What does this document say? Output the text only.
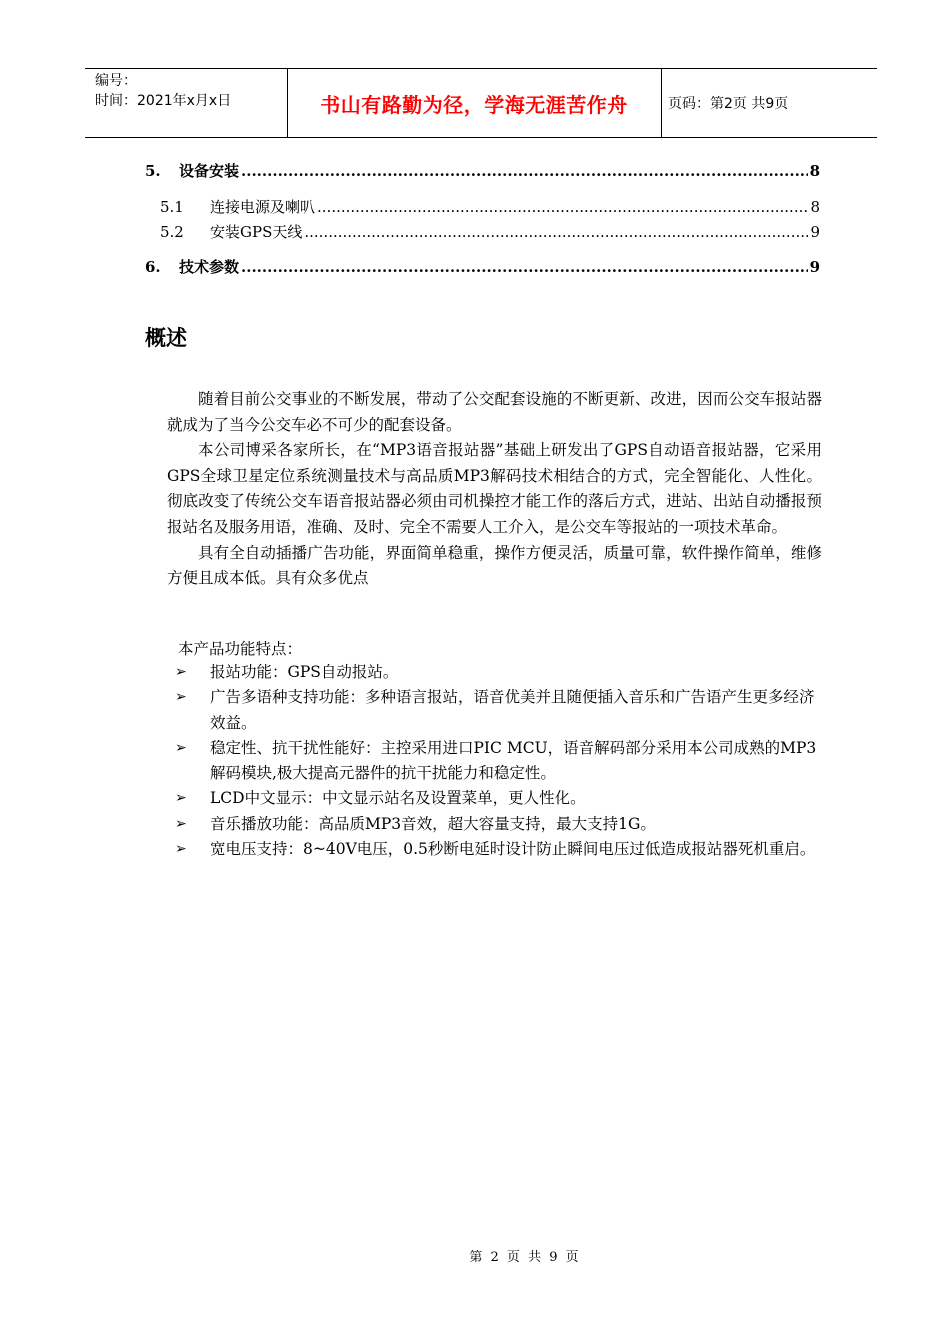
编号：
时间：2021年x月x日	书山有路勤为径，学海无涯苦作舟	页码：第2页 共9页
5.	设备安装 .....	8
5.1	连接电源及喇叭 .....	8
5.2	安装GPS天线 .....	9
6.	技术参数 .....	9
概述

随着目前公交事业的不断发展，带动了公交配套设施的不断更新、改进，因而公交车报站器就成为了当今公交车必不可少的配套设备。

本公司博采各家所长，在“MP3语音报站器”基础上研发出了GPS自动语音报站器，它采用GPS全球卫星定位系统测量技术与高品质MP3解码技术相结合的方式，完全智能化、人性化。彻底改变了传统公交车语音报站器必须由司机操控才能工作的落后方式，进站、出站自动播报预报站名及服务用语，准确、及时、完全不需要人工介入，是公交车等报站的一项技术革命。

具有全自动插播广告功能，界面简单稳重，操作方便灵活，质量可靠，软件操作简单，维修方便且成本低。具有众多优点

本产品功能特点：
➢ 报站功能：GPS自动报站。
➢ 广告多语种支持功能：多种语言报站，语音优美并且随便插入音乐和广告语产生更多经济效益。
➢ 稳定性、抗干扰性能好：主控采用进口PIC MCU，语音解码部分采用本公司成熟的MP3解码模块,极大提高元器件的抗干扰能力和稳定性。
➢ LCD中文显示：中文显示站名及设置菜单，更人性化。
➢ 音乐播放功能：高品质MP3音效，超大容量支持，最大支持1G。
➢ 宽电压支持：8~40V电压，0.5秒断电延时设计防止瞬间电压过低造成报站器死机重启。
第 2 页 共 9 页
